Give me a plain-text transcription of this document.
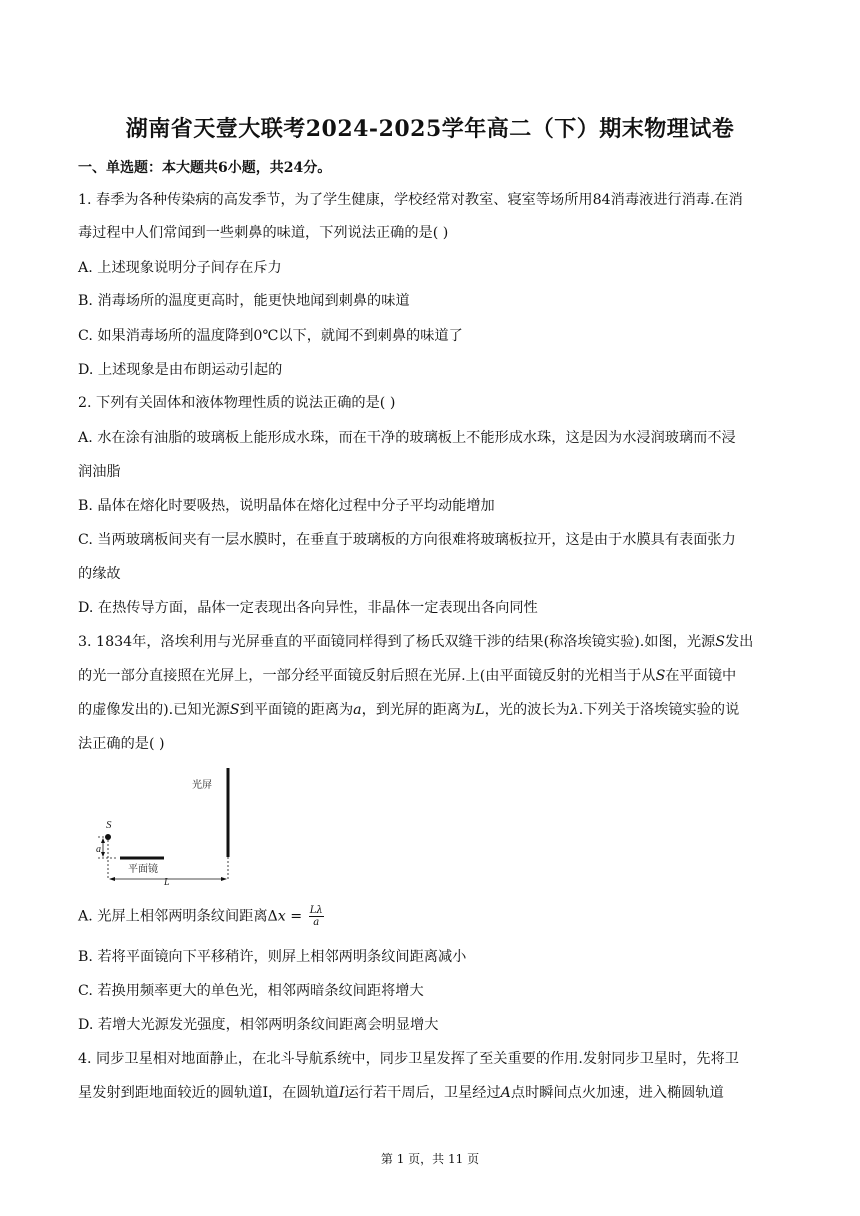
湖南省天壹大联考2024-2025学年高二（下）期末物理试卷
一、单选题：本大题共6小题，共24分。
1. 春季为各种传染病的高发季节，为了学生健康，学校经常对教室、寝室等场所用84消毒液进行消毒.在消
毒过程中人们常闻到一些刺鼻的味道，下列说法正确的是( )
A. 上述现象说明分子间存在斥力
B. 消毒场所的温度更高时，能更快地闻到刺鼻的味道
C. 如果消毒场所的温度降到0℃以下，就闻不到刺鼻的味道了
D. 上述现象是由布朗运动引起的
2. 下列有关固体和液体物理性质的说法正确的是( )
A. 水在涂有油脂的玻璃板上能形成水珠，而在干净的玻璃板上不能形成水珠，这是因为水浸润玻璃而不浸
润油脂
B. 晶体在熔化时要吸热，说明晶体在熔化过程中分子平均动能增加
C. 当两玻璃板间夹有一层水膜时，在垂直于玻璃板的方向很难将玻璃板拉开，这是由于水膜具有表面张力
的缘故
D. 在热传导方面，晶体一定表现出各向异性，非晶体一定表现出各向同性
3. 1834年，洛埃利用与光屏垂直的平面镜同样得到了杨氏双缝干涉的结果(称洛埃镜实验).如图，光源S发出
的光一部分直接照在光屏上，一部分经平面镜反射后照在光屏.上(由平面镜反射的光相当于从S在平面镜中
的虚像发出的).已知光源S到平面镜的距离为a，到光屏的距离为L，光的波长为λ.下列关于洛埃镜实验的说
法正确的是( )
光屏
S
a
平面镜
L
A. 光屏上相邻两明条纹间距离$\Delta x = \frac{L\lambda}{a}$
B. 若将平面镜向下平移稍许，则屏上相邻两明条纹间距离减小
C. 若换用频率更大的单色光，相邻两暗条纹间距将增大
D. 若增大光源发光强度，相邻两明条纹间距离会明显增大
4. 同步卫星相对地面静止，在北斗导航系统中，同步卫星发挥了至关重要的作用.发射同步卫星时，先将卫
星发射到距地面较近的圆轨道Ⅰ，在圆轨道I运行若干周后，卫星经过A点时瞬间点火加速，进入椭圆轨道
第 1 页，共 11 页
